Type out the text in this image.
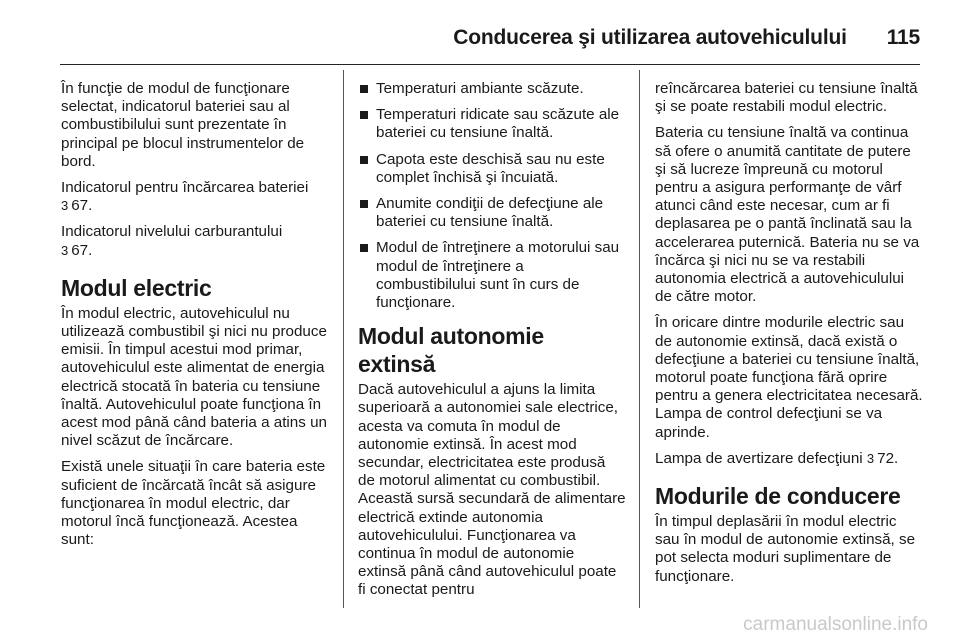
Conducerea şi utilizarea autovehiculului 115

În funcţie de modul de funcţionare selectat, indicatorul bateriei sau al combustibilului sunt prezentate în principal pe blocul instrumentelor de bord.

Indicatorul pentru încărcarea bateriei
3 67.

Indicatorul nivelului carburantului
3 67.

Modul electric

În modul electric, autovehiculul nu utilizează combustibil şi nici nu produce emisii. În timpul acestui mod primar, autovehiculul este alimentat de energia electrică stocată în bateria cu tensiune înaltă. Autovehiculul poate funcţiona în acest mod până când bateria a atins un nivel scăzut de încărcare.

Există unele situaţii în care bateria este suficient de încărcată încât să asigure funcţionarea în modul electric, dar motorul încă funcţionează. Acestea sunt:

Temperaturi ambiante scăzute.
Temperaturi ridicate sau scăzute ale bateriei cu tensiune înaltă.
Capota este deschisă sau nu este complet închisă şi încuiată.
Anumite condiţii de defecţiune ale bateriei cu tensiune înaltă.
Modul de întreţinere a motorului sau modul de întreţinere a combustibilului sunt în curs de funcţionare.
Modul autonomie extinsă

Dacă autovehiculul a ajuns la limita superioară a autonomiei sale electrice, acesta va comuta în modul de autonomie extinsă. În acest mod secundar, electricitatea este produsă de motorul alimentat cu combustibil. Această sursă secundară de alimentare electrică extinde autonomia autovehiculului. Funcţionarea va continua în modul de autonomie extinsă până când autovehiculul poate fi conectat pentru

reîncărcarea bateriei cu tensiune înaltă şi se poate restabili modul electric.

Bateria cu tensiune înaltă va continua să ofere o anumită cantitate de putere şi să lucreze împreună cu motorul pentru a asigura performanţe de vârf atunci când este necesar, cum ar fi deplasarea pe o pantă înclinată sau la accelerarea puternică. Bateria nu se va încărca şi nici nu se va restabili autonomia electrică a autovehiculului de către motor.

În oricare dintre modurile electric sau de autonomie extinsă, dacă există o defecţiune a bateriei cu tensiune înaltă, motorul poate funcţiona fără oprire pentru a genera electricitatea necesară. Lampa de control defecţiuni se va aprinde.

Lampa de avertizare defecţiuni 3 72.

Modurile de conducere

În timpul deplasării în modul electric sau în modul de autonomie extinsă, se pot selecta moduri suplimentare de funcţionare.

carmanualsonline.info
